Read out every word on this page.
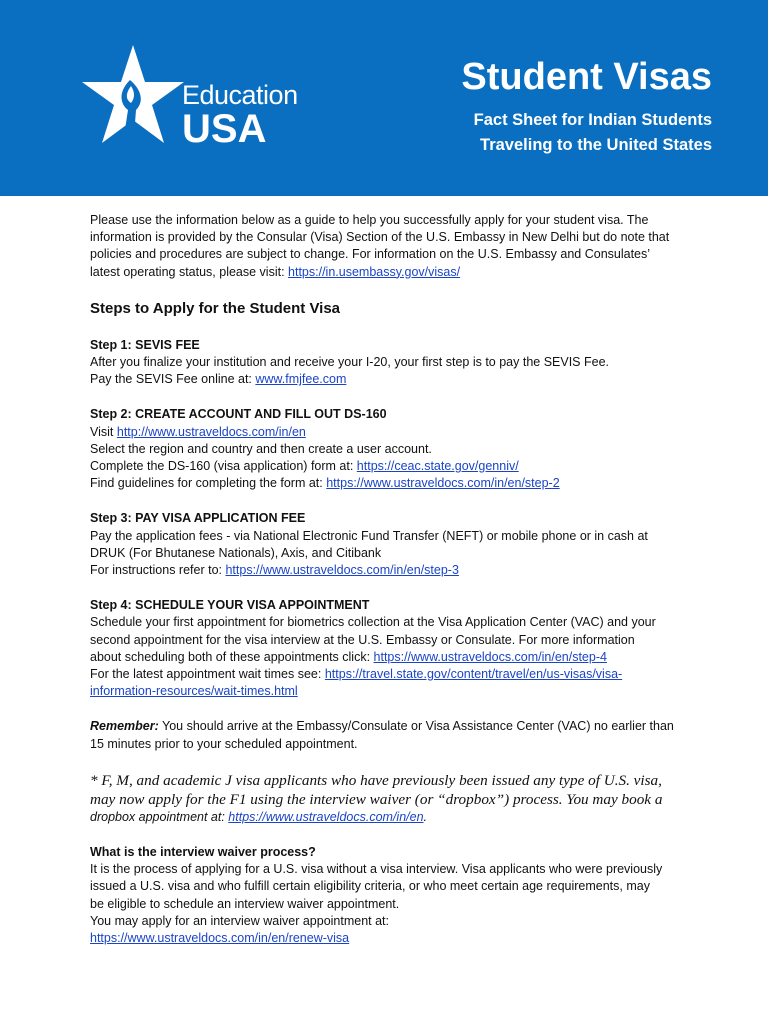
Education
USA
Student Visas
Fact Sheet for Indian Students
Traveling to the United States
Please use the information below as a guide to help you successfully apply for your student visa. The
information is provided by the Consular (Visa) Section of the U.S. Embassy in New Delhi but do note that
policies and procedures are subject to change. For information on the U.S. Embassy and Consulates’
latest operating status, please visit: https://in.usembassy.gov/visas/
Steps to Apply for the Student Visa
Step 1: SEVIS FEE
After you finalize your institution and receive your I-20, your first step is to pay the SEVIS Fee.
Pay the SEVIS Fee online at: www.fmjfee.com
Step 2: CREATE ACCOUNT AND FILL OUT DS-160
Visit http://www.ustraveldocs.com/in/en
Select the region and country and then create a user account.
Complete the DS-160 (visa application) form at: https://ceac.state.gov/genniv/
Find guidelines for completing the form at: https://www.ustraveldocs.com/in/en/step-2
Step 3: PAY VISA APPLICATION FEE
Pay the application fees - via National Electronic Fund Transfer (NEFT) or mobile phone or in cash at
DRUK (For Bhutanese Nationals), Axis, and Citibank
For instructions refer to: https://www.ustraveldocs.com/in/en/step-3
Step 4: SCHEDULE YOUR VISA APPOINTMENT
Schedule your first appointment for biometrics collection at the Visa Application Center (VAC) and your
second appointment for the visa interview at the U.S. Embassy or Consulate. For more information
about scheduling both of these appointments click: https://www.ustraveldocs.com/in/en/step-4
For the latest appointment wait times see: https://travel.state.gov/content/travel/en/us-visas/visa-
information-resources/wait-times.html
Remember: You should arrive at the Embassy/Consulate or Visa Assistance Center (VAC) no earlier than
15 minutes prior to your scheduled appointment.
* F, M, and academic J visa applicants who have previously been issued any type of U.S. visa,
may now apply for the F1 using the interview waiver (or “dropbox”) process. You may book a
dropbox appointment at: https://www.ustraveldocs.com/in/en.
What is the interview waiver process?
It is the process of applying for a U.S. visa without a visa interview. Visa applicants who were previously
issued a U.S. visa and who fulfill certain eligibility criteria, or who meet certain age requirements, may
be eligible to schedule an interview waiver appointment.
You may apply for an interview waiver appointment at:
https://www.ustraveldocs.com/in/en/renew-visa
